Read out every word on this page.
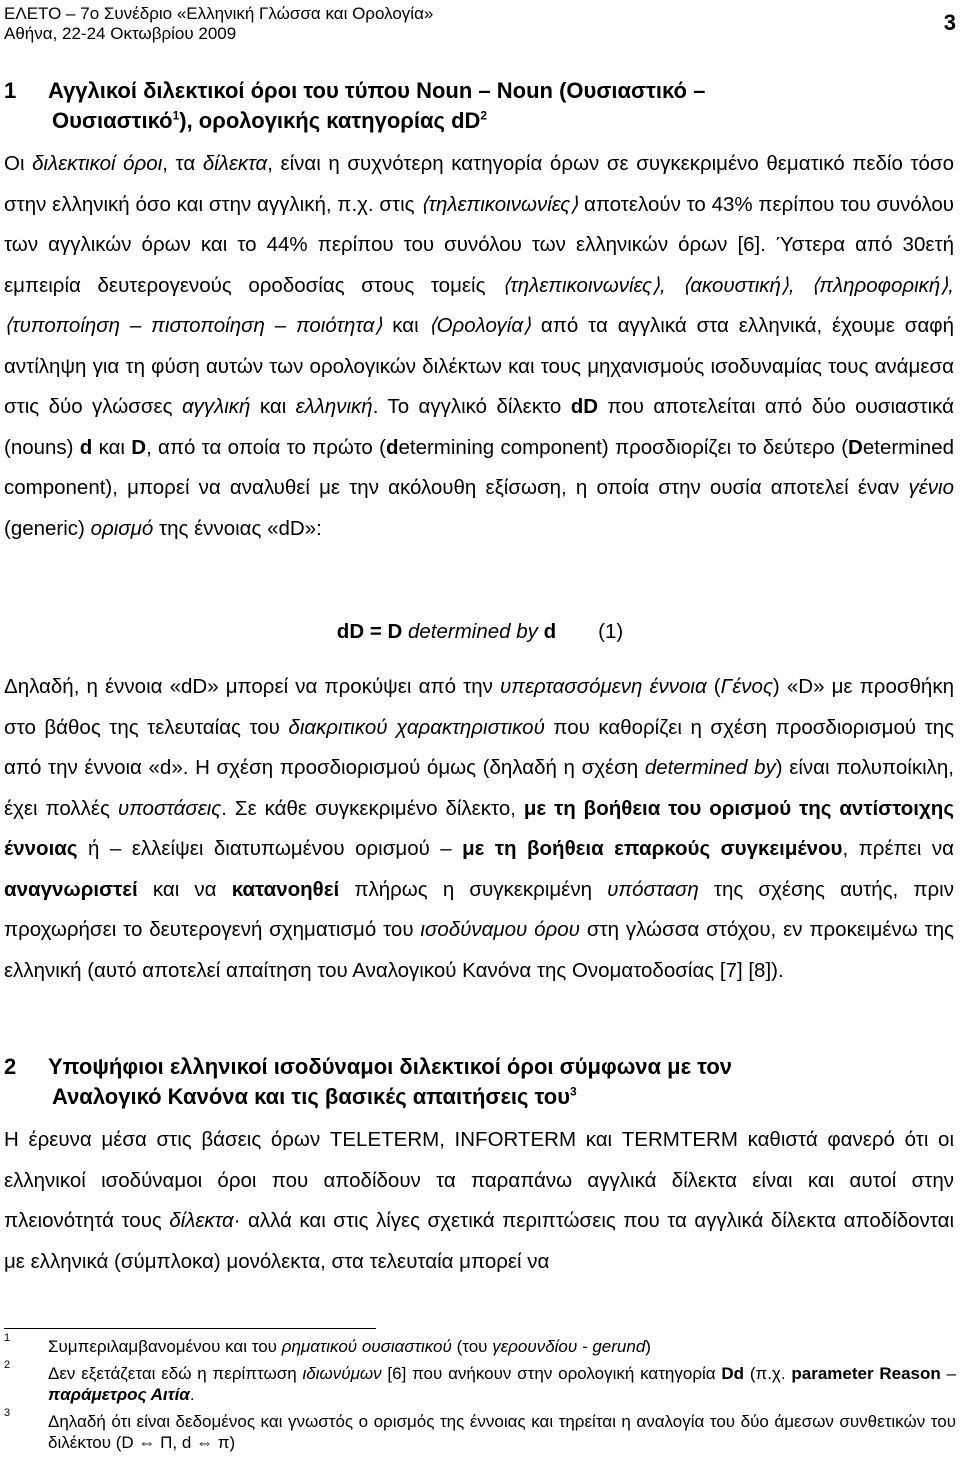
ΕΛΕΤΟ – 7ο Συνέδριο «Ελληνική Γλώσσα και Ορολογία»
Αθήνα, 22-24 Οκτωβρίου 2009	3
1 Αγγλικοί διλεκτικοί όροι του τύπου Noun – Noun (Ουσιαστικό –
Ουσιαστικό$^1$), ορολογικής κατηγορίας $dD^2$
Οι διλεκτικοί όροι, τα δίλεκτα, είναι η συχνότερη κατηγορία όρων σε συγκεκριμένο θεματικό πεδίο τόσο στην ελληνική όσο και στην αγγλική, π.χ. στις ⟨τηλεπικοινωνίες⟩ αποτελούν το 43% περίπου του συνόλου των αγγλικών όρων και το 44% περίπου του συνόλου των ελληνικών όρων [6]. Ύστερα από 30ετή εμπειρία δευτερογενούς οροδοσίας στους τομείς ⟨τηλεπικοινωνίες⟩, ⟨ακουστική⟩, ⟨πληροφορική⟩, ⟨τυποποίηση – πιστοποίηση – ποιότητα⟩ και ⟨Ορολογία⟩ από τα αγγλικά στα ελληνικά, έχουμε σαφή αντίληψη για τη φύση αυτών των ορολογικών διλέκτων και τους μηχανισμούς ισοδυναμίας τους ανάμεσα στις δύο γλώσσες αγγλική και ελληνική. Το αγγλικό δίλεκτο dD που αποτελείται από δύο ουσιαστικά (nouns) d και D, από τα οποία το πρώτο (determining component) προσδιορίζει το δεύτερο (Determined component), μπορεί να αναλυθεί με την ακόλουθη εξίσωση, η οποία στην ουσία αποτελεί έναν γένιο (generic) ορισμό της έννοιας «dD»:
dD = D determined by d (1)
Δηλαδή, η έννοια «dD» μπορεί να προκύψει από την υπερτασσόμενη έννοια (Γένος) «D» με προσθήκη στο βάθος της τελευταίας του διακριτικού χαρακτηριστικού που καθορίζει η σχέση προσδιορισμού της από την έννοια «d». Η σχέση προσδιορισμού όμως (δηλαδή η σχέση determined by) είναι πολυποίκιλη, έχει πολλές υποστάσεις. Σε κάθε συγκεκριμένο δίλεκτο, με τη βοήθεια του ορισμού της αντίστοιχης έννοιας ή – ελλείψει διατυπωμένου ορισμού – με τη βοήθεια επαρκούς συγκειμένου, πρέπει να αναγνωριστεί και να κατανοηθεί πλήρως η συγκεκριμένη υπόσταση της σχέσης αυτής, πριν προχωρήσει το δευτερογενή σχηματισμό του ισοδύναμου όρου στη γλώσσα στόχου, εν προκειμένω της ελληνική (αυτό αποτελεί απαίτηση του Αναλογικού Κανόνα της Ονοματοδοσίας [7] [8]).
2 Υποψήφιοι ελληνικοί ισοδύναμοι διλεκτικοί όροι σύμφωνα με τον
Αναλογικό Κανόνα και τις βασικές απαιτήσεις του$^3$
Η έρευνα μέσα στις βάσεις όρων TELETERM, INFORTERM και TERMTERM καθιστά φανερό ότι οι ελληνικοί ισοδύναμοι όροι που αποδίδουν τα παραπάνω αγγλικά δίλεκτα είναι και αυτοί στην πλειονότητά τους δίλεκτα· αλλά και στις λίγες σχετικά περιπτώσεις που τα αγγλικά δίλεκτα αποδίδονται με ελληνικά (σύμπλοκα) μονόλεκτα, στα τελευταία μπορεί να
1 Συμπεριλαμβανομένου και του ρηματικού ουσιαστικού (του γερουνδίου - gerund)
2 Δεν εξετάζεται εδώ η περίπτωση ιδιωνύμων [6] που ανήκουν στην ορολογική κατηγορία Dd (π.χ. parameter Reason – παράμετρος Αιτία.
3 Δηλαδή ότι είναι δεδομένος και γνωστός ο ορισμός της έννοιας και τηρείται η αναλογία του δύο άμεσων συνθετικών του διλέκτου (D ⇔ Π, d ⇔ π)
